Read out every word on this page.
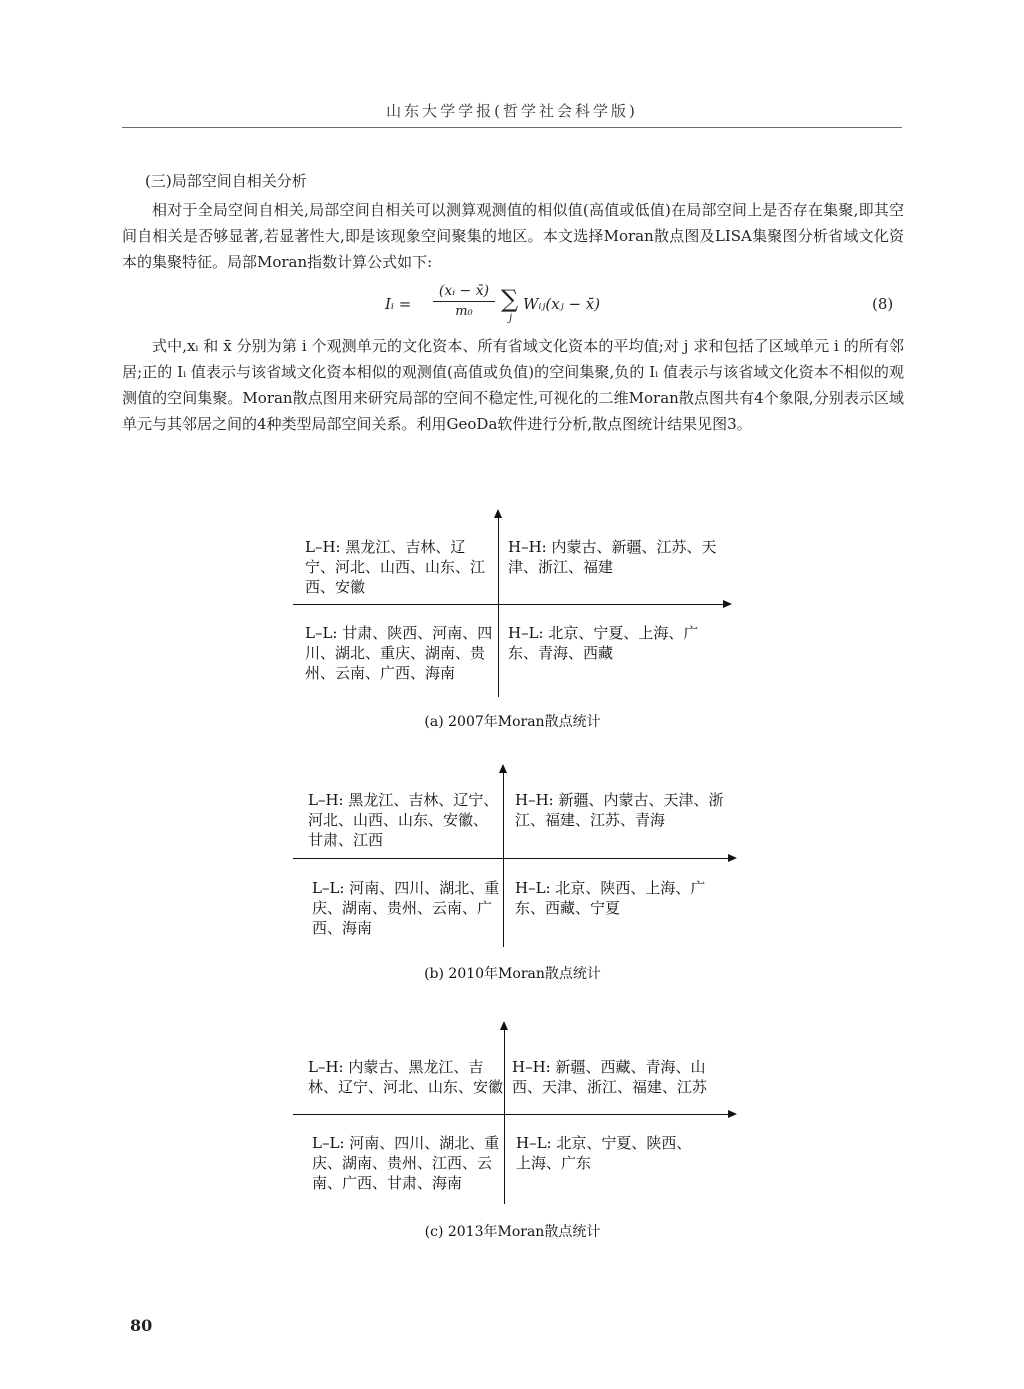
山东大学学报(哲学社会科学版)
(三)局部空间自相关分析
相对于全局空间自相关,局部空间自相关可以测算观测值的相似值(高值或低值)在局部空间上是否存在集聚,即其空间自相关是否够显著,若显著性大,即是该现象空间聚集的地区。本文选择Moran散点图及LISA集聚图分析省域文化资本的集聚特征。局部Moran指数计算公式如下:
Iᵢ =
(xᵢ − x̄)
m₀	∑
j
Wᵢⱼ(xⱼ − x̄)	(8)
式中,xᵢ 和 x̄ 分别为第 i 个观测单元的文化资本、所有省域文化资本的平均值;对 j 求和包括了区域单元 i 的所有邻居;正的 Iᵢ 值表示与该省域文化资本相似的观测值(高值或负值)的空间集聚,负的 Iᵢ 值表示与该省域文化资本不相似的观测值的空间集聚。Moran散点图用来研究局部的空间不稳定性,可视化的二维Moran散点图共有4个象限,分别表示区域单元与其邻居之间的4种类型局部空间关系。利用GeoDa软件进行分析,散点图统计结果见图3。
L–H: 黑龙江、吉林、辽宁、河北、山西、山东、江西、安徽
H–H: 内蒙古、新疆、江苏、天津、浙江、福建
L–L: 甘肃、陕西、河南、四川、湖北、重庆、湖南、贵州、云南、广西、海南
H–L: 北京、宁夏、上海、广东、青海、西藏
(a) 2007年Moran散点统计
L–H: 黑龙江、吉林、辽宁、河北、山西、山东、安徽、甘肃、江西
H–H: 新疆、内蒙古、天津、浙江、福建、江苏、青海
L–L: 河南、四川、湖北、重庆、湖南、贵州、云南、广西、海南
H–L: 北京、陕西、上海、广东、西藏、宁夏
(b) 2010年Moran散点统计
L–H: 内蒙古、黑龙江、吉林、辽宁、河北、山东、安徽
H–H: 新疆、西藏、青海、山西、天津、浙江、福建、江苏
L–L: 河南、四川、湖北、重庆、湖南、贵州、江西、云南、广西、甘肃、海南
H–L: 北京、宁夏、陕西、上海、广东
(c) 2013年Moran散点统计
80
